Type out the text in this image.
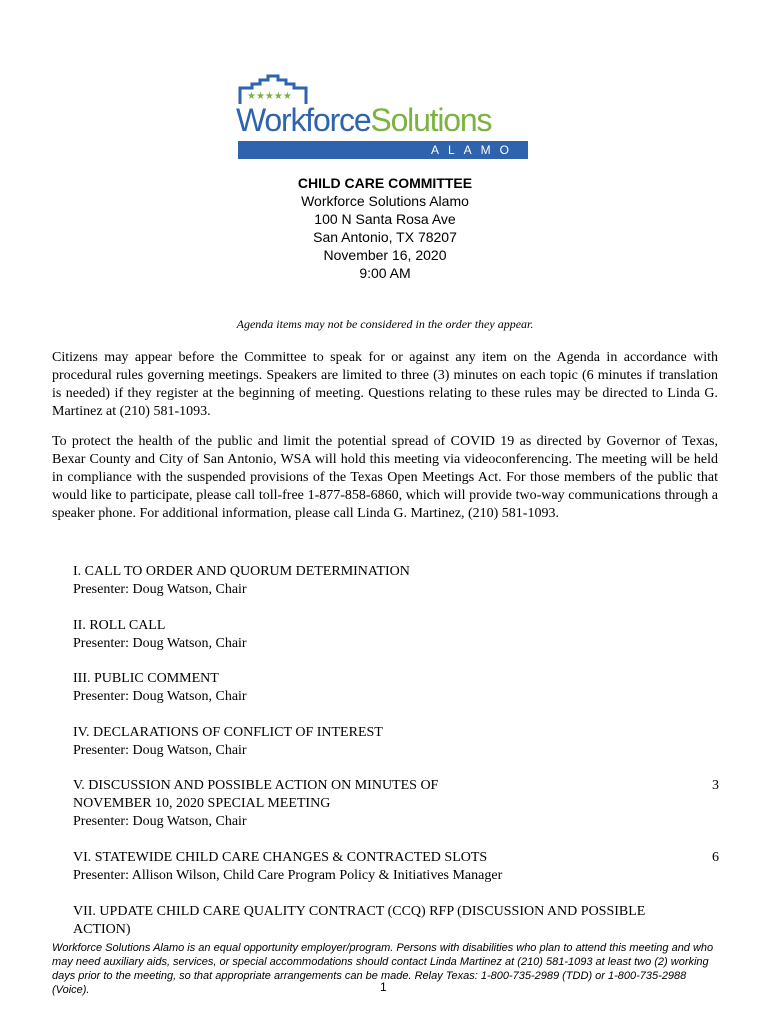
★★★★★
WorkforceSolutions
ALAMO
CHILD CARE COMMITTEE
Workforce Solutions Alamo
100 N Santa Rosa Ave
San Antonio, TX 78207
November 16, 2020
9:00 AM
Agenda items may not be considered in the order they appear.

Citizens may appear before the Committee to speak for or against any item on the Agenda in accordance with procedural rules governing meetings. Speakers are limited to three (3) minutes on each topic (6 minutes if translation is needed) if they register at the beginning of meeting. Questions relating to these rules may be directed to Linda G. Martinez at (210) 581-1093.

To protect the health of the public and limit the potential spread of COVID 19 as directed by Governor of Texas, Bexar County and City of San Antonio, WSA will hold this meeting via videoconferencing. The meeting will be held in compliance with the suspended provisions of the Texas Open Meetings Act. For those members of the public that would like to participate, please call toll-free 1-877-858-6860, which will provide two-way communications through a speaker phone. For additional information, please call Linda G. Martinez, (210) 581-1093.

I. CALL TO ORDER AND QUORUM DETERMINATION
Presenter: Doug Watson, Chair
II. ROLL CALL
Presenter: Doug Watson, Chair
III. PUBLIC COMMENT
Presenter: Doug Watson, Chair
IV. DECLARATIONS OF CONFLICT OF INTEREST
Presenter: Doug Watson, Chair
V. DISCUSSION AND POSSIBLE ACTION ON MINUTES OF
NOVEMBER 10, 2020 SPECIAL MEETING
Presenter: Doug Watson, Chair
3
VI. STATEWIDE CHILD CARE CHANGES & CONTRACTED SLOTS
Presenter: Allison Wilson, Child Care Program Policy & Initiatives Manager
6
VII. UPDATE CHILD CARE QUALITY CONTRACT (CCQ) RFP (DISCUSSION AND POSSIBLE
ACTION)
Workforce Solutions Alamo is an equal opportunity employer/program. Persons with disabilities who plan to attend this meeting and who may need auxiliary aids, services, or special accommodations should contact Linda Martinez at (210) 581-1093 at least two (2) working days prior to the meeting, so that appropriate arrangements can be made. Relay Texas: 1-800-735-2989 (TDD) or 1-800-735-2988 (Voice).	1
